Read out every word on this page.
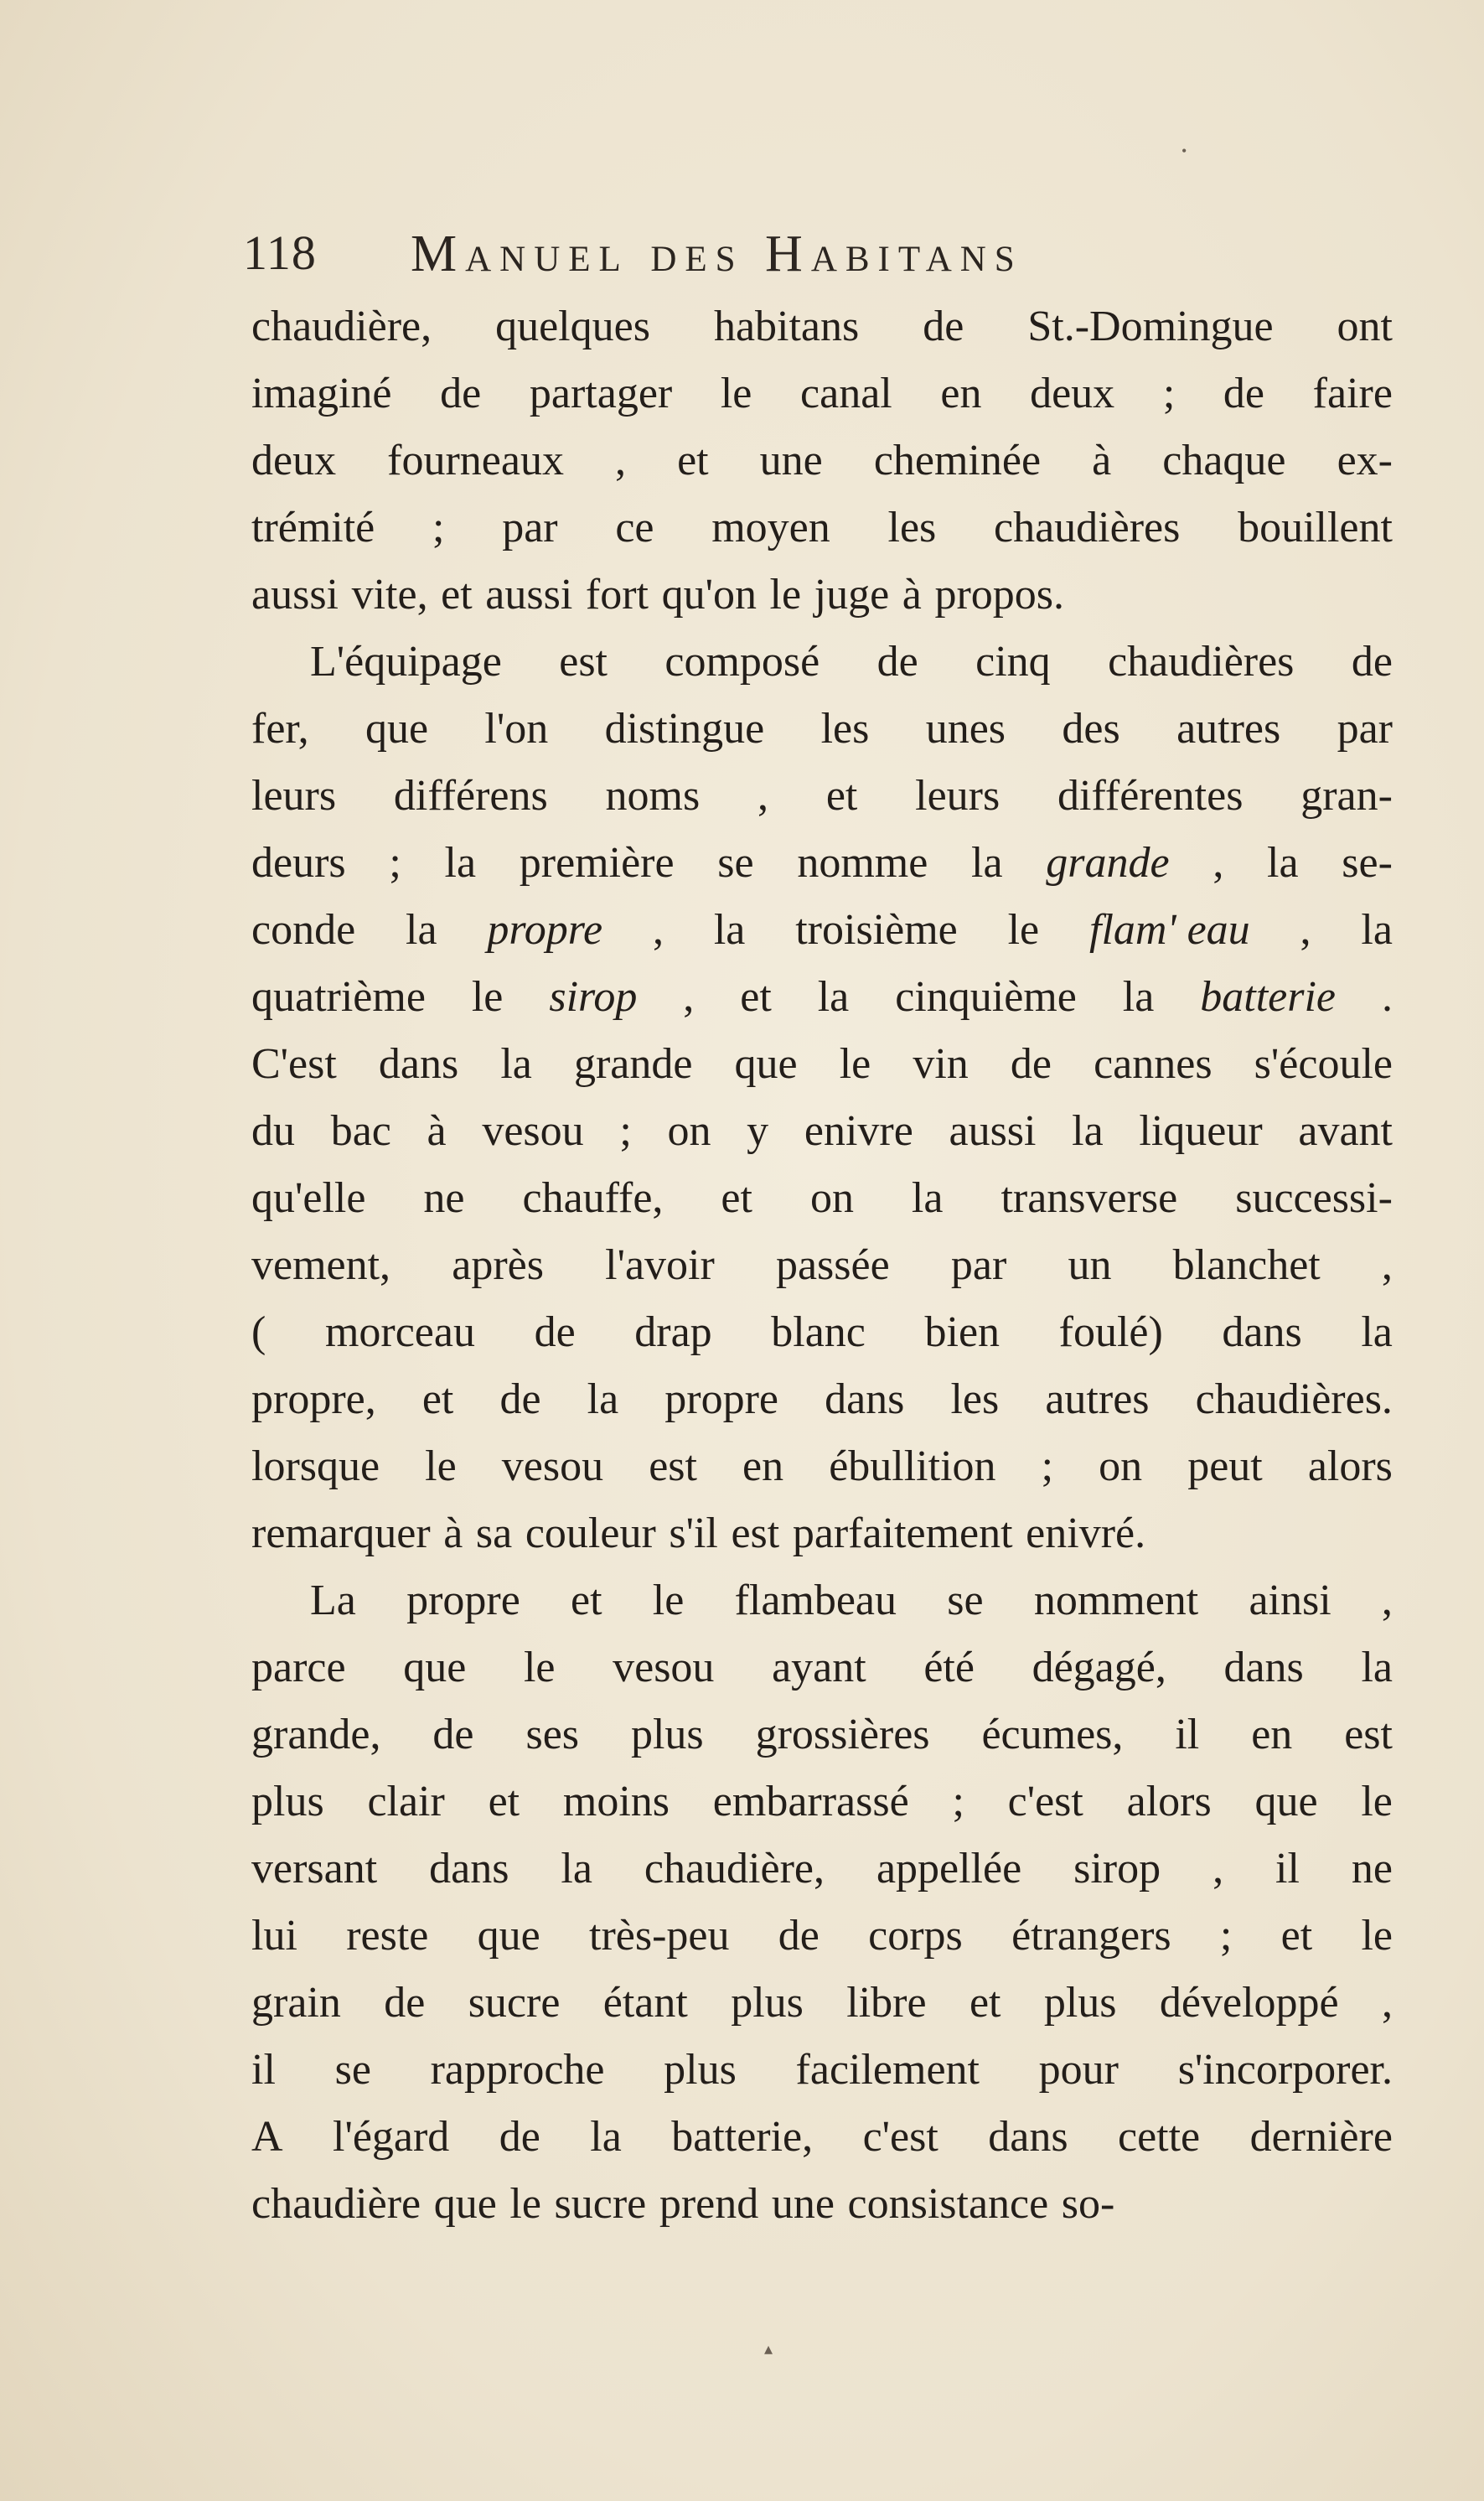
118 Manuel des Habitans
chaudière, quelques habitans de St.-Domingue ont
imaginé de partager le canal en deux ; de faire
deux fourneaux , et une cheminée à chaque ex-
trémité ; par ce moyen les chaudières bouillent
aussi vite, et aussi fort qu'on le juge à propos.
L'équipage est composé de cinq chaudières de
fer, que l'on distingue les unes des autres par
leurs différens noms , et leurs différentes gran-
deurs ; la première se nomme la grande , la se-
conde la propre , la troisième le flam' eau , la
quatrième le sirop , et la cinquième la batterie .
C'est dans la grande que le vin de cannes s'écoule
du bac à vesou ; on y enivre aussi la liqueur avant
qu'elle ne chauffe, et on la transverse successi-
vement, après l'avoir passée par un blanchet ,
( morceau de drap blanc bien foulé) dans la
propre, et de la propre dans les autres chaudières.
lorsque le vesou est en ébullition ; on peut alors
remarquer à sa couleur s'il est parfaitement enivré.
La propre et le flambeau se nomment ainsi ,
parce que le vesou ayant été dégagé, dans la
grande, de ses plus grossières écumes, il en est
plus clair et moins embarrassé ; c'est alors que le
versant dans la chaudière, appellée sirop , il ne
lui reste que très-peu de corps étrangers ; et le
grain de sucre étant plus libre et plus développé ,
il se rapproche plus facilement pour s'incorporer.
A l'égard de la batterie, c'est dans cette dernière
chaudière que le sucre prend une consistance so-
•
▴
